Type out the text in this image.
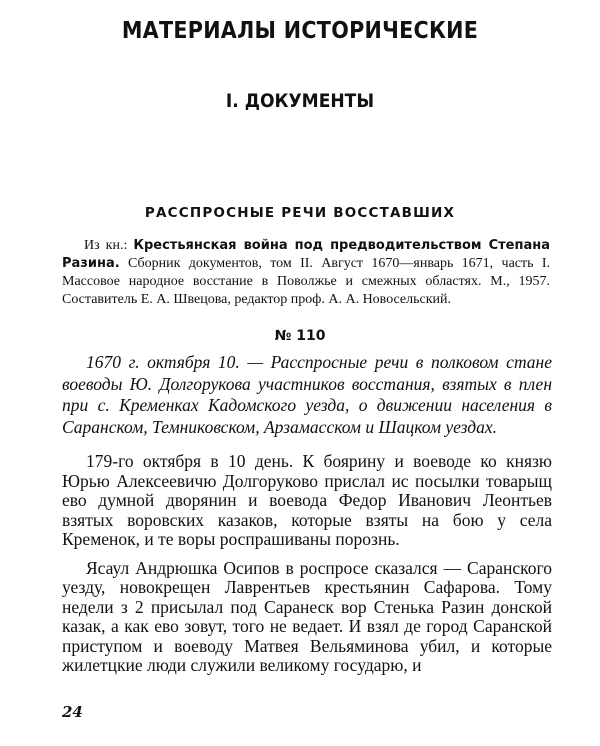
МАТЕРИАЛЫ ИСТОРИЧЕСКИЕ
I. ДОКУМЕНТЫ
РАССПРОСНЫЕ РЕЧИ ВОССТАВШИХ
Из кн.: Крестьянская война под предводительством Степана Разина. Сборник документов, том II. Август 1670—январь 1671, часть I. Массовое народное восстание в Поволжье и смежных областях. М., 1957. Составитель Е. А. Швецова, редактор проф. А. А. Новосельский.
№ 110

1670 г. октября 10. — Расспросные речи в полковом стане воеводы Ю. Долгорукова участников восстания, взятых в плен при с. Кременках Кадомского уезда, о движении населения в Саранском, Темниковском, Арзамасском и Шацком уездах.

179-го октября в 10 день. К боярину и воеводе ко князю Юрью Алексеевичю Долгоруково прислал ис посылки товарыщ ево думной дворянин и воевода Федор Иванович Леонтьев взятых воровских казаков, которые взяты на бою у села Кременок, и те воры роспрашиваны порознь.

Ясаул Андрюшка Осипов в роспросе сказался — Саранского уезду, новокрещен Лаврентьев крестьянин Сафарова. Тому недели з 2 присылал под Саранеск вор Стенька Разин донской казак, а как ево зовут, того не ведает. И взял де город Саранской приступом и воеводу Матвея Вельяминова убил, и которые жилетцкие люди служили великому государю, и

24
